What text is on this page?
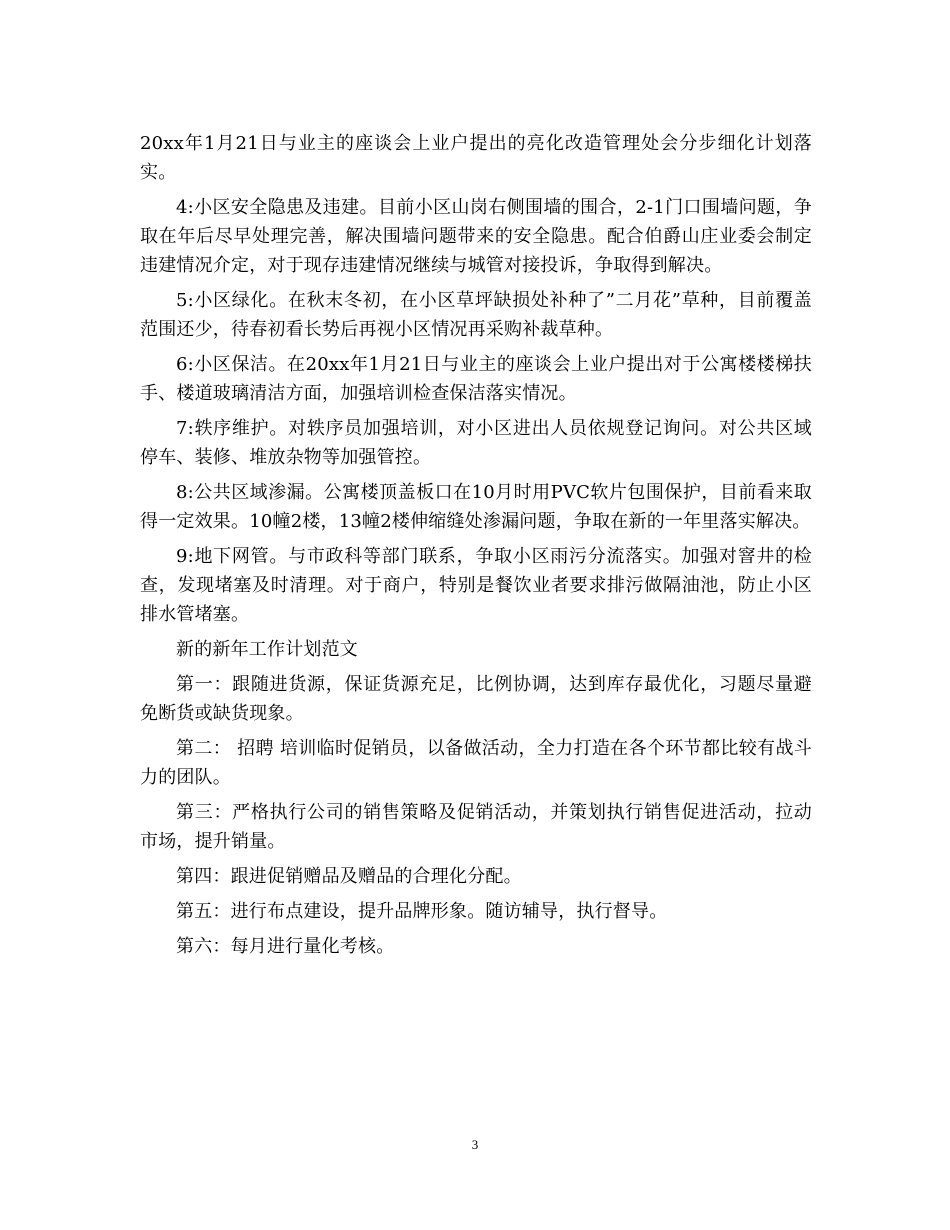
20xx年1月21日与业主的座谈会上业户提出的亮化改造管理处会分步细化计划落实。

4:小区安全隐患及违建。目前小区山岗右侧围墙的围合，2-1门口围墙问题，争取在年后尽早处理完善，解决围墙问题带来的安全隐患。配合伯爵山庄业委会制定违建情况介定，对于现存违建情况继续与城管对接投诉，争取得到解决。

5:小区绿化。在秋末冬初，在小区草坪缺损处补种了”二月花”草种，目前覆盖范围还少，待春初看长势后再视小区情况再采购补裁草种。

6:小区保洁。在20xx年1月21日与业主的座谈会上业户提出对于公寓楼楼梯扶手、楼道玻璃清洁方面，加强培训检查保洁落实情况。

7:轶序维护。对轶序员加强培训，对小区进出人员依规登记询问。对公共区域停车、装修、堆放杂物等加强管控。

8:公共区域渗漏。公寓楼顶盖板口在10月时用PVC软片包围保护，目前看来取得一定效果。10幢2楼，13幢2楼伸缩缝处渗漏问题，争取在新的一年里落实解决。

9:地下网管。与市政科等部门联系，争取小区雨污分流落实。加强对窨井的检查，发现堵塞及时清理。对于商户，特别是餐饮业者要求排污做隔油池，防止小区排水管堵塞。

新的新年工作计划范文

第一：跟随进货源，保证货源充足，比例协调，达到库存最优化，习题尽量避免断货或缺货现象。

第二： 招聘 培训临时促销员，以备做活动，全力打造在各个环节都比较有战斗力的团队。

第三：严格执行公司的销售策略及促销活动，并策划执行销售促进活动，拉动市场，提升销量。

第四：跟进促销赠品及赠品的合理化分配。

第五：进行布点建设，提升品牌形象。随访辅导，执行督导。

第六：每月进行量化考核。

3
